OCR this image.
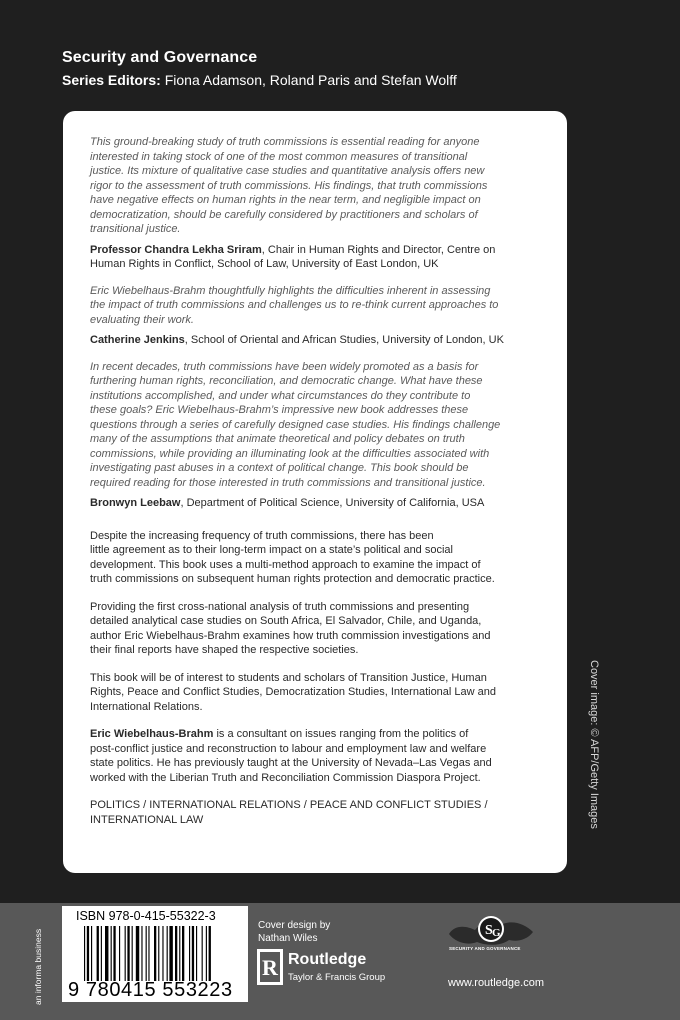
Security and Governance
Series Editors: Fiona Adamson, Roland Paris and Stefan Wolff

This ground-breaking study of truth commissions is essential reading for anyone
interested in taking stock of one of the most common measures of transitional
justice. Its mixture of qualitative case studies and quantitative analysis offers new
rigor to the assessment of truth commissions. His findings, that truth commissions
have negative effects on human rights in the near term, and negligible impact on
democratization, should be carefully considered by practitioners and scholars of
transitional justice.

Professor Chandra Lekha Sriram, Chair in Human Rights and Director, Centre on
Human Rights in Conflict, School of Law, University of East London, UK

Eric Wiebelhaus-Brahm thoughtfully highlights the difficulties inherent in assessing
the impact of truth commissions and challenges us to re-think current approaches to
evaluating their work.

Catherine Jenkins, School of Oriental and African Studies, University of London, UK

In recent decades, truth commissions have been widely promoted as a basis for
furthering human rights, reconciliation, and democratic change. What have these
institutions accomplished, and under what circumstances do they contribute to
these goals? Eric Wiebelhaus-Brahm’s impressive new book addresses these
questions through a series of carefully designed case studies. His findings challenge
many of the assumptions that animate theoretical and policy debates on truth
commissions, while providing an illuminating look at the difficulties associated with
investigating past abuses in a context of political change. This book should be
required reading for those interested in truth commissions and transitional justice.

Bronwyn Leebaw, Department of Political Science, University of California, USA

Despite the increasing frequency of truth commissions, there has been
little agreement as to their long-term impact on a state’s political and social
development. This book uses a multi-method approach to examine the impact of
truth commissions on subsequent human rights protection and democratic practice.

Providing the first cross-national analysis of truth commissions and presenting
detailed analytical case studies on South Africa, El Salvador, Chile, and Uganda,
author Eric Wiebelhaus-Brahm examines how truth commission investigations and
their final reports have shaped the respective societies.

This book will be of interest to students and scholars of Transition Justice, Human
Rights, Peace and Conflict Studies, Democratization Studies, International Law and
International Relations.

Eric Wiebelhaus-Brahm is a consultant on issues ranging from the politics of
post-conflict justice and reconstruction to labour and employment law and welfare
state politics. He has previously taught at the University of Nevada–Las Vegas and
worked with the Liberian Truth and Reconciliation Commission Diaspora Project.

POLITICS / INTERNATIONAL RELATIONS / PEACE AND CONFLICT STUDIES /
INTERNATIONAL LAW	Cover image: © AFP/Getty Images
an informa business
ISBN 978-0-415-55322-3
9 780415 553223
Cover design by
Nathan Wiles
R Routledge
Taylor & Francis Group
S G
SECURITY AND GOVERNANCE
www.routledge.com
